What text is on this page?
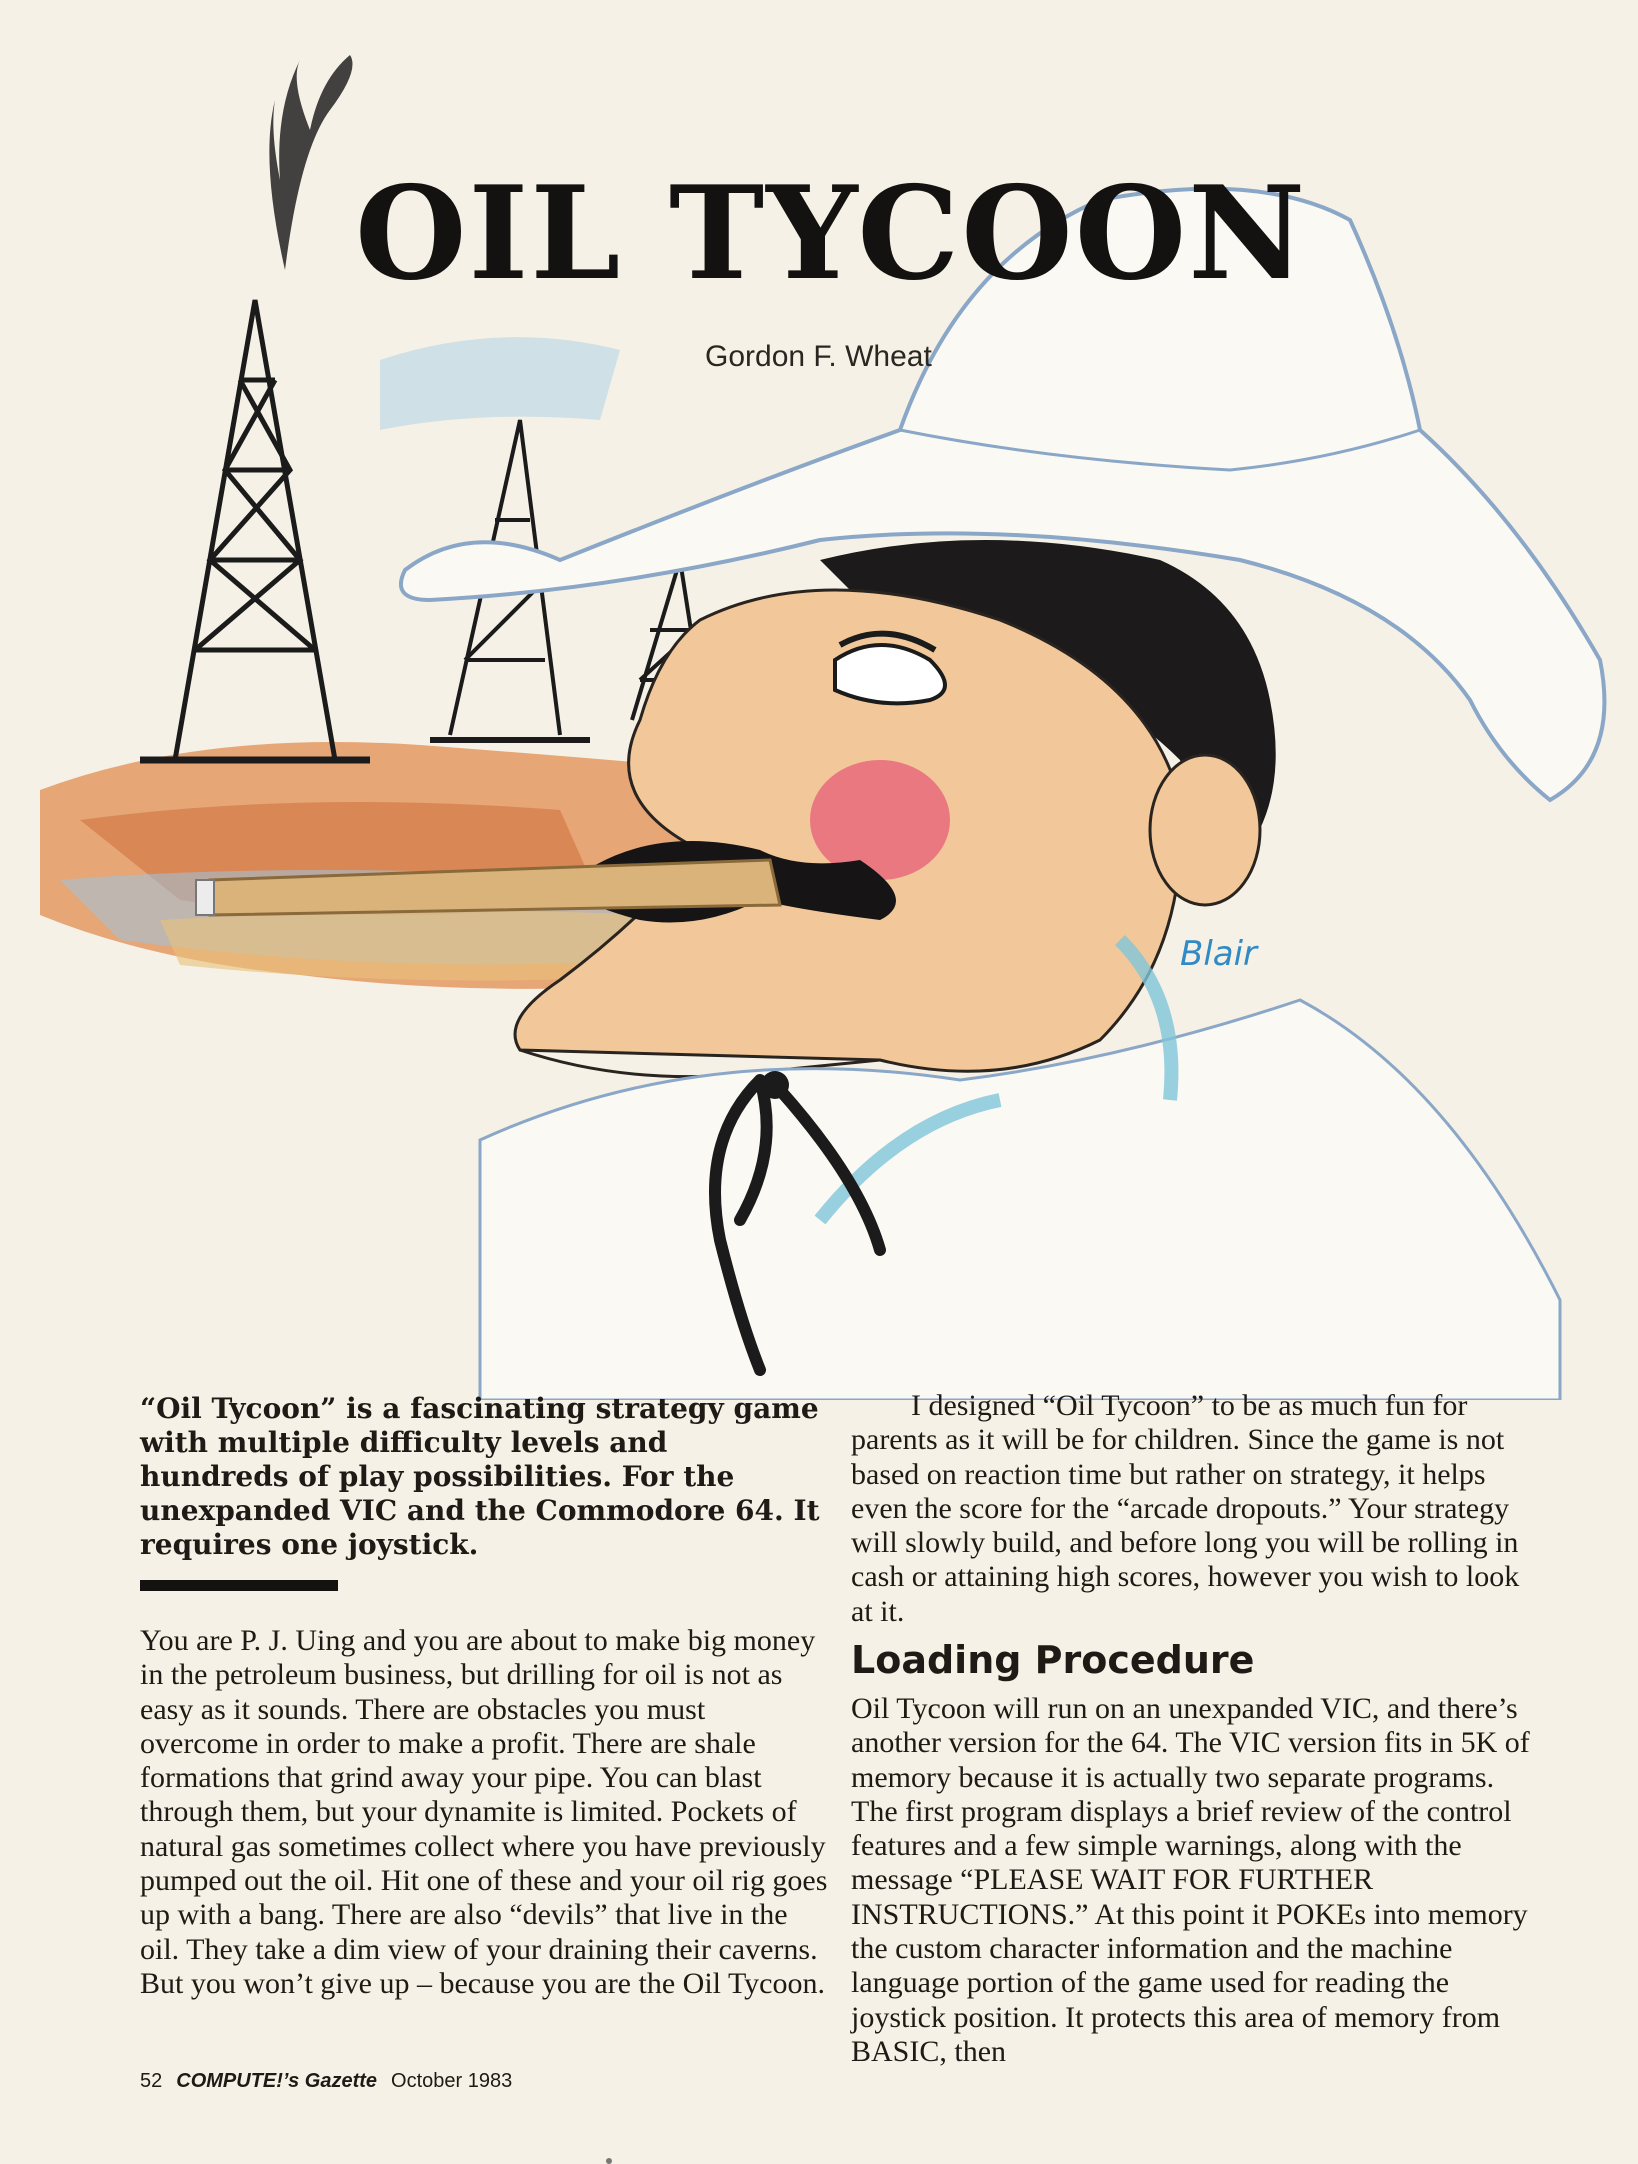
Blair
OIL TYCOON
Gordon F. Wheat

“Oil Tycoon” is a fascinating strategy game with multiple difficulty levels and hundreds of play possibilities. For the unexpanded VIC and the Commodore 64. It requires one joystick.

You are P. J. Uing and you are about to make big money in the petroleum business, but drilling for oil is not as easy as it sounds. There are obstacles you must overcome in order to make a profit. There are shale formations that grind away your pipe. You can blast through them, but your dynamite is limited. Pockets of natural gas sometimes collect where you have previously pumped out the oil. Hit one of these and your oil rig goes up with a bang. There are also “devils” that live in the oil. They take a dim view of your draining their caverns. But you won’t give up – because you are the Oil Tycoon.

I designed “Oil Tycoon” to be as much fun for parents as it will be for children. Since the game is not based on reaction time but rather on strategy, it helps even the score for the “arcade dropouts.” Your strategy will slowly build, and before long you will be rolling in cash or attaining high scores, however you wish to look at it.

Loading Procedure

Oil Tycoon will run on an unexpanded VIC, and there’s another version for the 64. The VIC version fits in 5K of memory because it is actually two separate programs. The first program displays a brief review of the control features and a few simple warnings, along with the message “PLEASE WAIT FOR FURTHER INSTRUCTIONS.” At this point it POKEs into memory the custom character information and the machine language portion of the game used for reading the joystick position. It protects this area of memory from BASIC, then

52 COMPUTE!’s Gazette October 1983
